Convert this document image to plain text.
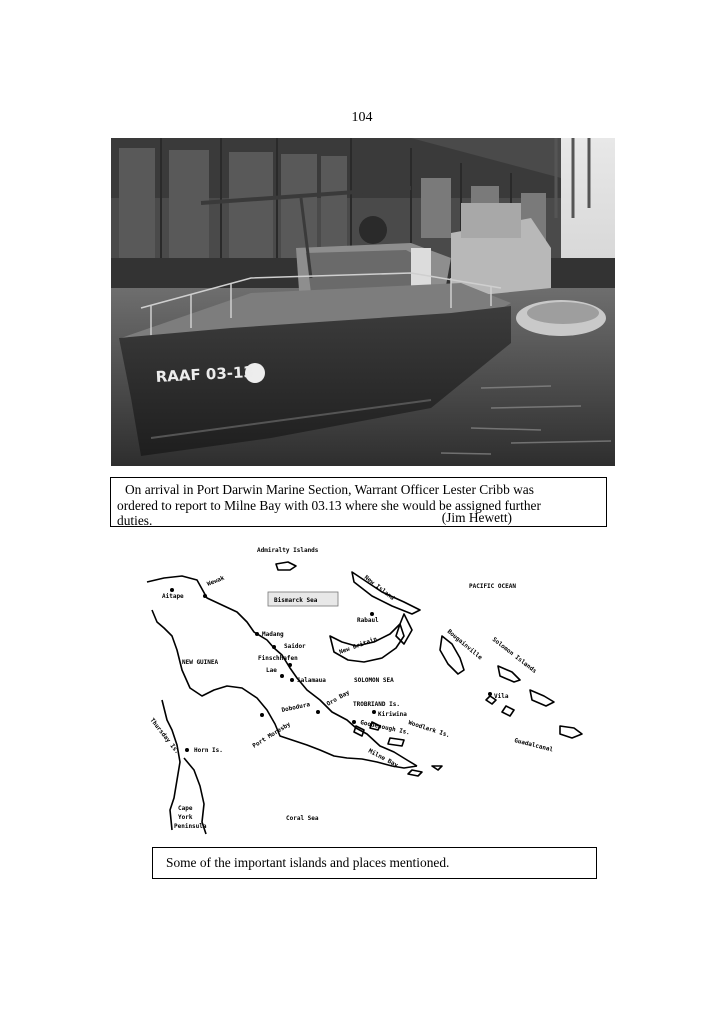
104
RAAF 03-13
On arrival in Port Darwin Marine Section, Warrant Officer Lester Cribb was
ordered to report to Milne Bay with 03.13 where she would be assigned further
duties.	(Jim Hewett)
Admiralty Islands
Bismarck Sea
PACIFIC OCEAN
New Island
Wewak
Aitape
Rabaul
Madang
Saidor	New Britain	Bougainville Solomon Islands
NEW GUINEA
Finschhafen
Lae
Salamaua	SOLOMON SEA
Vila
TROBRIAND Is.
Kiriwina
Dobodura Oro Bay
Goodenough Is.
Woodlark Is.
Guadalcanal
Thursday Is. Horn Is.
Port Moresby
Milne Bay
Cape
York
Peninsula
Coral Sea
Some of the important islands and places mentioned.
